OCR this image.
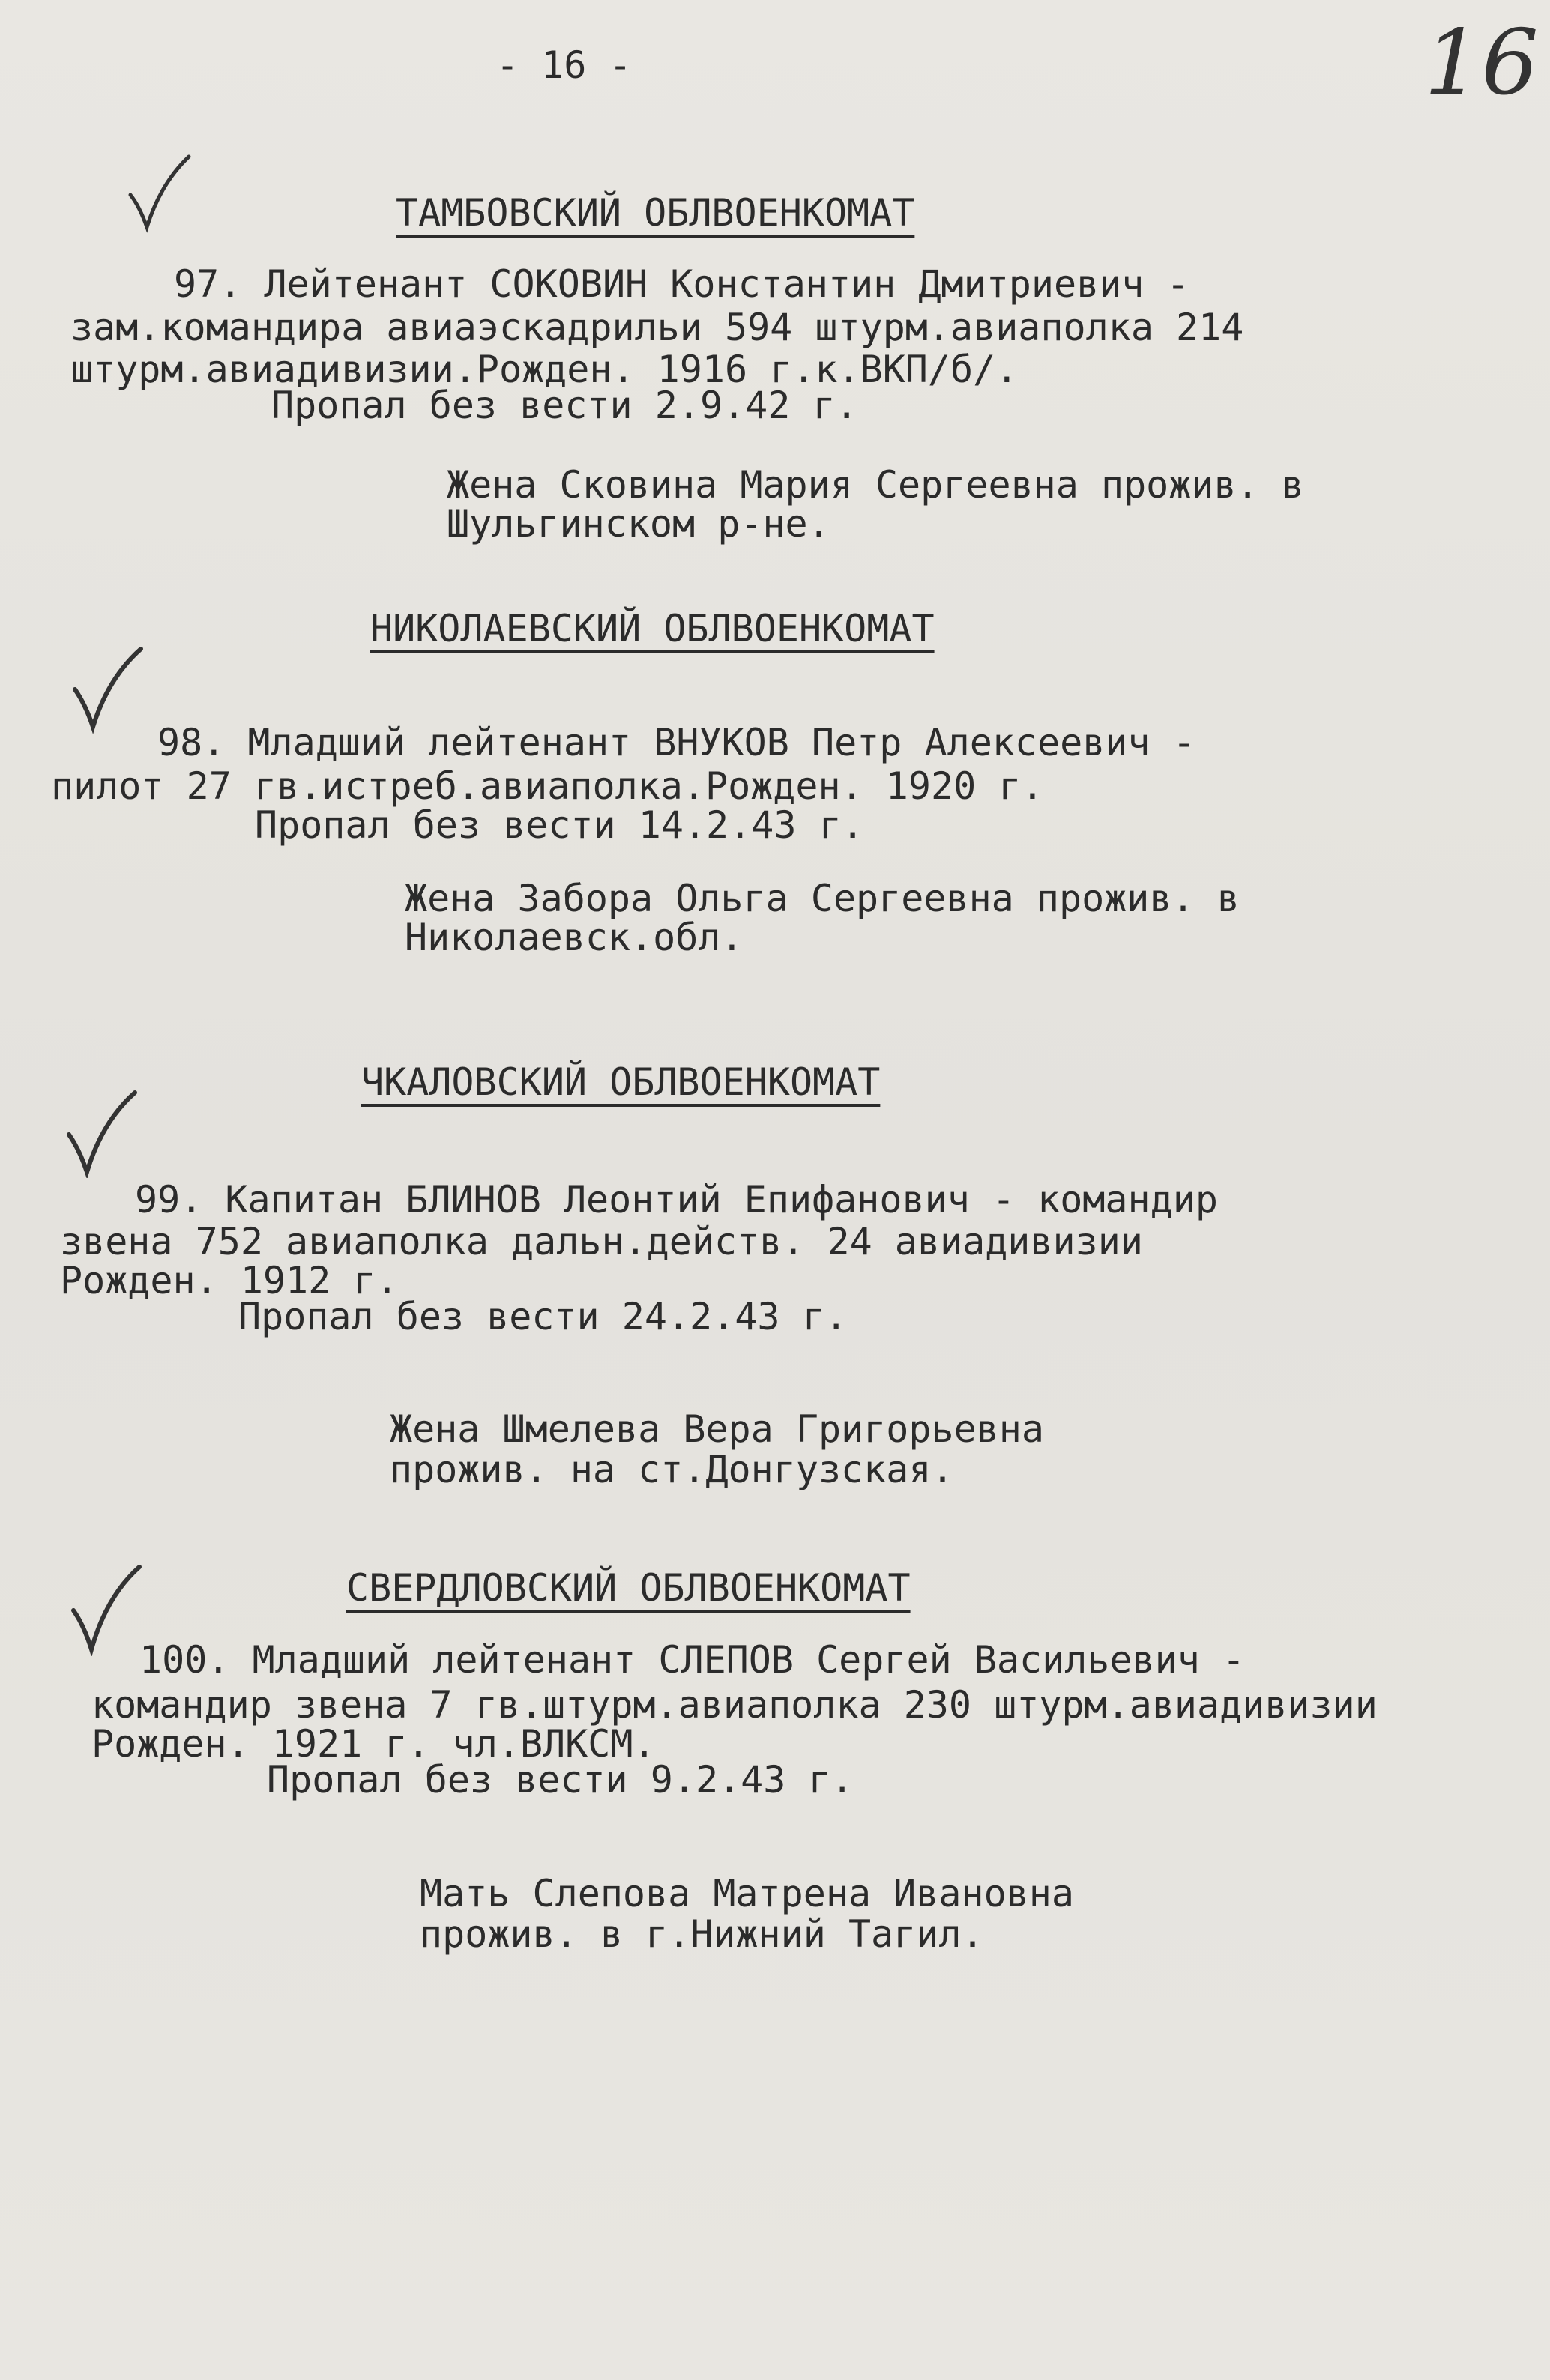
- 16 -	16
ТАМБОВСКИЙ ОБЛВОЕНКОМАТ
97. Лейтенант СОКОВИН Константин Дмитриевич -
зам.командира авиаэскадрильи 594 штурм.авиаполка 214
штурм.авиадивизии.Рожден. 1916 г.к.ВКП/б/.
Пропал без вести 2.9.42 г.
Жена Сковина Мария Сергеевна прожив. в
Шульгинском р-не.
НИКОЛАЕВСКИЙ ОБЛВОЕНКОМАТ
98. Младший лейтенант ВНУКОВ Петр Алексеевич -
пилот 27 гв.истреб.авиаполка.Рожден. 1920 г.
Пропал без вести 14.2.43 г.
Жена Забора Ольга Сергеевна прожив. в
Николаевск.обл.
ЧКАЛОВСКИЙ ОБЛВОЕНКОМАТ
99. Капитан БЛИНОВ Леонтий Епифанович - командир
звена 752 авиаполка дальн.действ. 24 авиадивизии
Рожден. 1912 г.
Пропал без вести 24.2.43 г.
Жена Шмелева Вера Григорьевна
прожив. на ст.Донгузская.
СВЕРДЛОВСКИЙ ОБЛВОЕНКОМАТ
100. Младший лейтенант СЛЕПОВ Сергей Васильевич -
командир звена 7 гв.штурм.авиаполка 230 штурм.авиадивизии
Рожден. 1921 г. чл.ВЛКСМ.
Пропал без вести 9.2.43 г.
Мать Слепова Матрена Ивановна
прожив. в г.Нижний Тагил.
